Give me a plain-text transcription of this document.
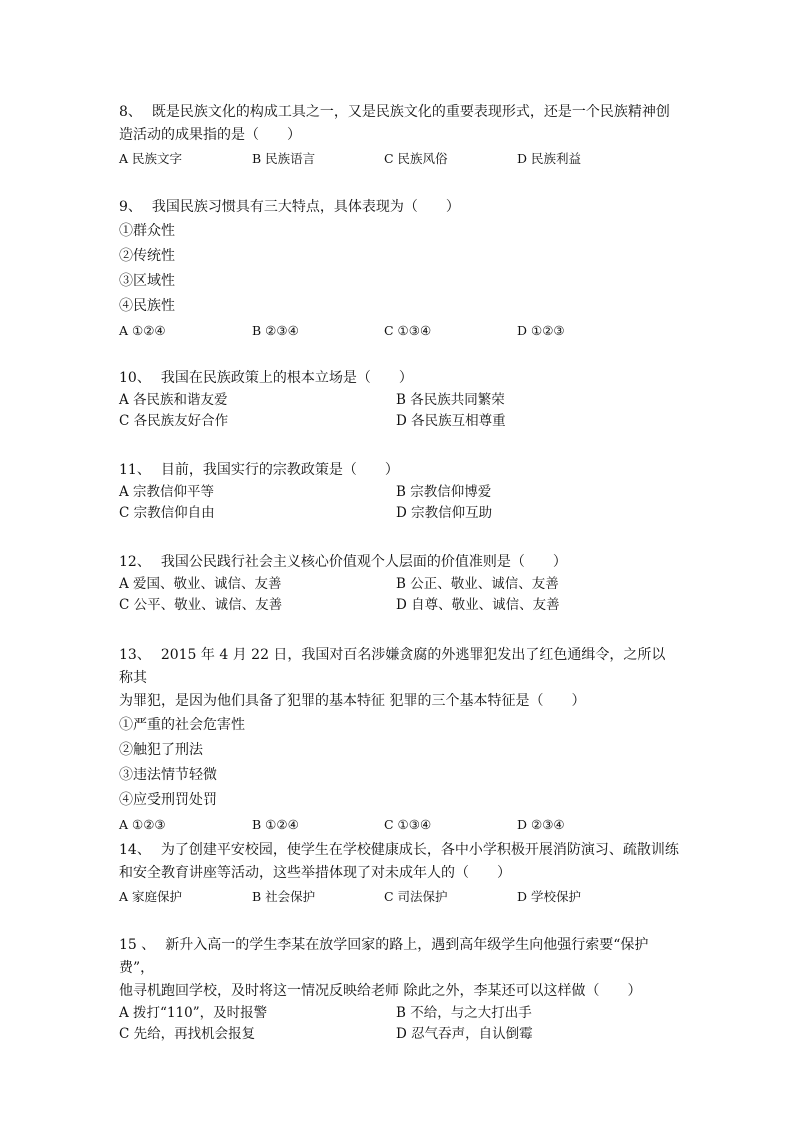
8、 既是民族文化的构成工具之一，又是民族文化的重要表现形式，还是一个民族精神创
造活动的成果指的是（　　）
A 民族文字	B 民族语言	C 民族风俗	D 民族利益
9、 我国民族习惯具有三大特点，具体表现为（　　）
①群众性
②传统性
③区域性
④民族性
A ①②④	B ②③④	C ①③④	D ①②③
10、 我国在民族政策上的根本立场是（　　）
A 各民族和谐友爱	B 各民族共同繁荣
C 各民族友好合作	D 各民族互相尊重
11、 目前，我国实行的宗教政策是（　　）
A 宗教信仰平等	B 宗教信仰博爱
C 宗教信仰自由	D 宗教信仰互助
12、 我国公民践行社会主义核心价值观个人层面的价值准则是（　　）
A 爱国、敬业、诚信、友善	B 公正、敬业、诚信、友善
C 公平、敬业、诚信、友善	D 自尊、敬业、诚信、友善
13、 2015 年 4 月 22 日，我国对百名涉嫌贪腐的外逃罪犯发出了红色通缉令，之所以称其
为罪犯，是因为他们具备了犯罪的基本特征 犯罪的三个基本特征是（　　）
①严重的社会危害性
②触犯了刑法
③违法情节轻微
④应受刑罚处罚
A ①②③	B ①②④	C ①③④	D ②③④
14、 为了创建平安校园，使学生在学校健康成长，各中小学积极开展消防演习、疏散训练
和安全教育讲座等活动，这些举措体现了对未成年人的（　　）
A 家庭保护	B 社会保护	C 司法保护	D 学校保护
15 、 新升入高一的学生李某在放学回家的路上，遇到高年级学生向他强行索要“保护费”，
他寻机跑回学校，及时将这一情况反映给老师 除此之外，李某还可以这样做（　　）
A 拨打“110”，及时报警	B 不给，与之大打出手
C 先给，再找机会报复	D 忍气吞声，自认倒霉
